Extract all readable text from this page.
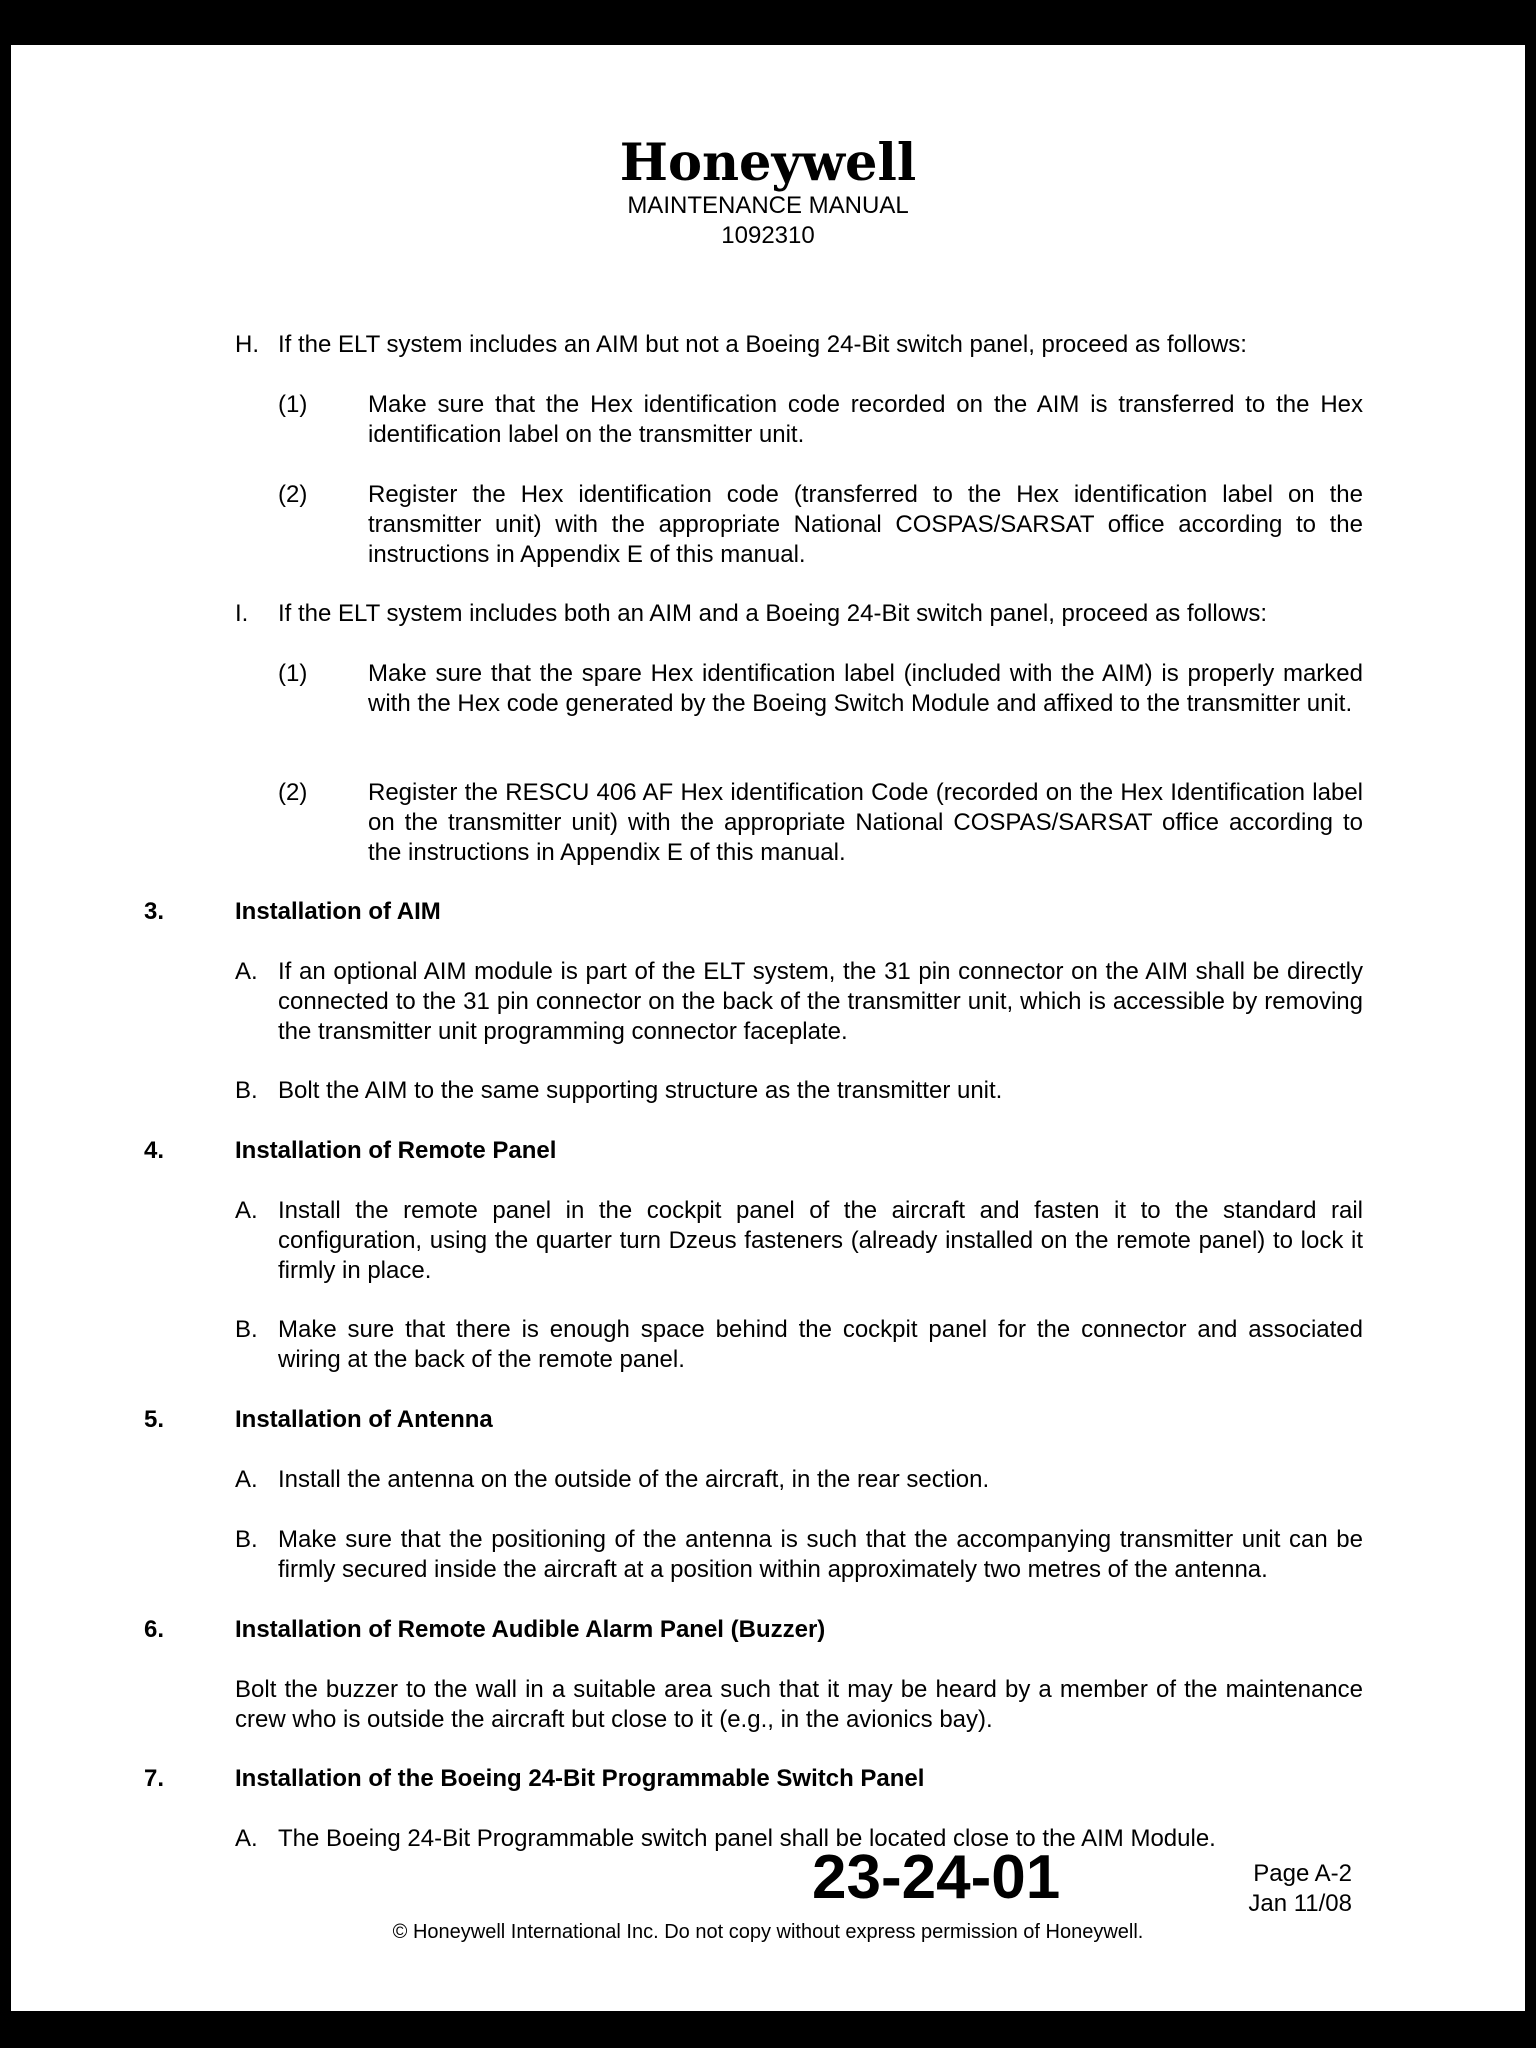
Honeywell
MAINTENANCE MANUAL
1092310
H. If the ELT system includes an AIM but not a Boeing 24-Bit switch panel, proceed as follows:
(1)	Make sure that the Hex identification code recorded on the AIM is transferred to the Hex identification label on the transmitter unit.
(2)	Register the Hex identification code (transferred to the Hex identification label on the transmitter unit) with the appropriate National COSPAS/SARSAT office according to the instructions in Appendix E of this manual.
I. If the ELT system includes both an AIM and a Boeing 24-Bit switch panel, proceed as follows:
(1)	Make sure that the spare Hex identification label (included with the AIM) is properly marked with the Hex code generated by the Boeing Switch Module and affixed to the transmitter unit.
(2)	Register the RESCU 406 AF Hex identification Code (recorded on the Hex Identification label on the transmitter unit) with the appropriate National COSPAS/SARSAT office according to the instructions in Appendix E of this manual.
3.	Installation of AIM
A. If an optional AIM module is part of the ELT system, the 31 pin connector on the AIM shall be directly connected to the 31 pin connector on the back of the transmitter unit, which is accessible by removing the transmitter unit programming connector faceplate.
B. Bolt the AIM to the same supporting structure as the transmitter unit.
4.	Installation of Remote Panel
A. Install the remote panel in the cockpit panel of the aircraft and fasten it to the standard rail configuration, using the quarter turn Dzeus fasteners (already installed on the remote panel) to lock it firmly in place.
B. Make sure that there is enough space behind the cockpit panel for the connector and associated wiring at the back of the remote panel.
5.	Installation of Antenna
A. Install the antenna on the outside of the aircraft, in the rear section.
B. Make sure that the positioning of the antenna is such that the accompanying transmitter unit can be firmly secured inside the aircraft at a position within approximately two metres of the antenna.
6.	Installation of Remote Audible Alarm Panel (Buzzer)
Bolt the buzzer to the wall in a suitable area such that it may be heard by a member of the maintenance crew who is outside the aircraft but close to it (e.g., in the avionics bay).
7.	Installation of the Boeing 24-Bit Programmable Switch Panel
A. The Boeing 24-Bit Programmable switch panel shall be located close to the AIM Module.
23-24-01	Page A-2
Jan 11/08
© Honeywell International Inc. Do not copy without express permission of Honeywell.
